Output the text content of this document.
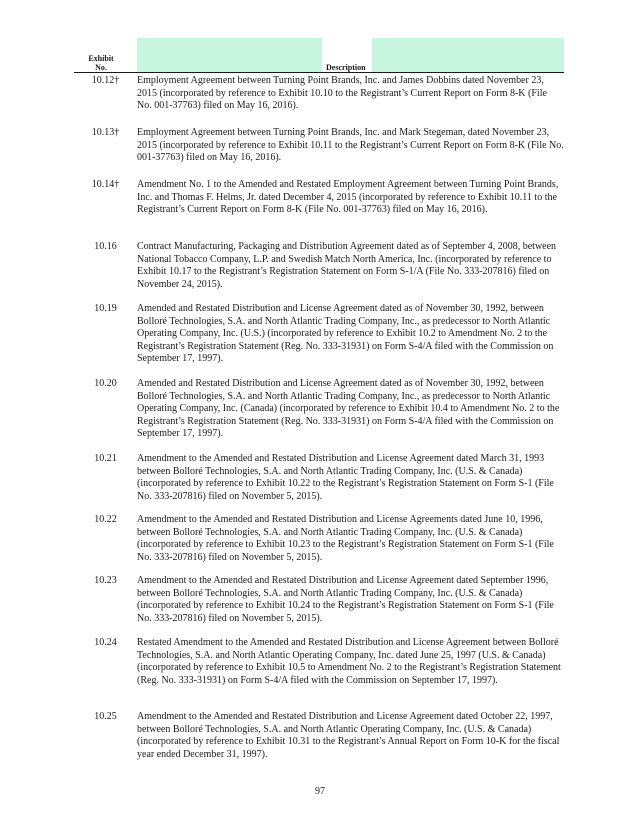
Exhibit
No.	Description
10.12†	Employment Agreement between Turning Point Brands, Inc. and James Dobbins dated November 23, 2015 (incorporated by reference to Exhibit 10.10 to the Registrant’s Current Report on Form 8-K (File No. 001-37763) filed on May 16, 2016).
10.13†	Employment Agreement between Turning Point Brands, Inc. and Mark Stegeman, dated November 23, 2015 (incorporated by reference to Exhibit 10.11 to the Registrant’s Current Report on Form 8-K (File No. 001-37763) filed on May 16, 2016).
10.14†	Amendment No. 1 to the Amended and Restated Employment Agreement between Turning Point Brands, Inc. and Thomas F. Helms, Jr. dated December 4, 2015 (incorporated by reference to Exhibit 10.11 to the Registrant’s Current Report on Form 8-K (File No. 001-37763) filed on May 16, 2016).
10.16	Contract Manufacturing, Packaging and Distribution Agreement dated as of September 4, 2008, between National Tobacco Company, L.P. and Swedish Match North America, Inc. (incorporated by reference to Exhibit 10.17 to the Registrant’s Registration Statement on Form S-1/A (File No. 333-207816) filed on November 24, 2015).
10.19	Amended and Restated Distribution and License Agreement dated as of November 30, 1992, between Bolloré Technologies, S.A. and North Atlantic Trading Company, Inc., as predecessor to North Atlantic Operating Company, Inc. (U.S.) (incorporated by reference to Exhibit 10.2 to Amendment No. 2 to the Registrant’s Registration Statement (Reg. No. 333-31931) on Form S-4/A filed with the Commission on September 17, 1997).
10.20	Amended and Restated Distribution and License Agreement dated as of November 30, 1992, between Bolloré Technologies, S.A. and North Atlantic Trading Company, Inc., as predecessor to North Atlantic Operating Company, Inc. (Canada) (incorporated by reference to Exhibit 10.4 to Amendment No. 2 to the Registrant’s Registration Statement (Reg. No. 333-31931) on Form S-4/A filed with the Commission on September 17, 1997).
10.21	Amendment to the Amended and Restated Distribution and License Agreement dated March 31, 1993 between Bolloré Technologies, S.A. and North Atlantic Trading Company, Inc. (U.S. & Canada) (incorporated by reference to Exhibit 10.22 to the Registrant’s Registration Statement on Form S-1 (File No. 333-207816) filed on November 5, 2015).
10.22	Amendment to the Amended and Restated Distribution and License Agreements dated June 10, 1996, between Bolloré Technologies, S.A. and North Atlantic Trading Company, Inc. (U.S. & Canada) (incorporated by reference to Exhibit 10.23 to the Registrant’s Registration Statement on Form S-1 (File No. 333-207816) filed on November 5, 2015).
10.23	Amendment to the Amended and Restated Distribution and License Agreement dated September 1996, between Bolloré Technologies, S.A. and North Atlantic Trading Company, Inc. (U.S. & Canada) (incorporated by reference to Exhibit 10.24 to the Registrant’s Registration Statement on Form S-1 (File No. 333-207816) filed on November 5, 2015).
10.24	Restated Amendment to the Amended and Restated Distribution and License Agreement between Bolloré Technologies, S.A. and North Atlantic Operating Company, Inc. dated June 25, 1997 (U.S. & Canada) (incorporated by reference to Exhibit 10.5 to Amendment No. 2 to the Registrant’s Registration Statement (Reg. No. 333-31931) on Form S-4/A filed with the Commission on September 17, 1997).
10.25	Amendment to the Amended and Restated Distribution and License Agreement dated October 22, 1997, between Bolloré Technologies, S.A. and North Atlantic Operating Company, Inc. (U.S. & Canada) (incorporated by reference to Exhibit 10.31 to the Registrant’s Annual Report on Form 10-K for the fiscal year ended December 31, 1997).
97
